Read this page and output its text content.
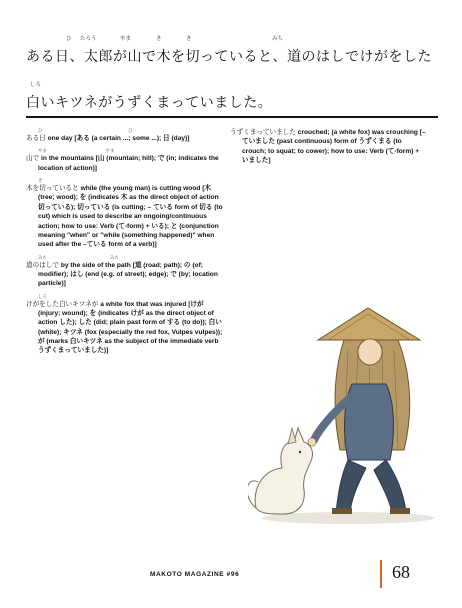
ある日、太郎が山で木を切っていると、道のはしでけがをした
白いキツネがうずくまっていました。
ひ たろう	やま	き	き	みち
しろ
ひ　　　　　　　　　　　　　　　　　　　ひ
ある日 one day [ある (a certain ...; some ...); 日 (day)]
やま　　　　　　　　　　　　　やま
山で in the mountains [山 (mountain; hill); で (in; indicates the location of action)]
き
木を切っていると while (the young man) is cutting wood [木 (tree; wood); を (indicates 木 as the direct object of action 切っている); 切っている (is cutting; – ている form of 切る (to cut) which is used to describe an ongoing/continuous action; how to use: Verb (て-form) + いる); と (conjunction meaning "when" or "while (something happened)" when used after the –ている form of a verb)]
みち　　　　　　　　　　　　　　みち
道のはしで by the side of the path [道 (road; path); の (of; modifier); はし (end (e.g. of street); edge); で (by; location particle)]
しろ
けがをした白いキツネが a white fox that was injured [けが (injury; wound); を (indicates けが as the direct object of action した); した (did; plain past form of する (to do)); 白い (white); キツネ (fox (especially the red fox, Vulpes vulpes)); が (marks 白いキツネ as the subject of the immediate verb うずくまっていました)]
うずくまっていました crouched; (a white fox) was crouching [–ていました (past continuous) form of うずくまる (to crouch; to squat; to cower); how to use: Verb (て-form) + いました]
MAKOTO MAGAZINE #96	68
